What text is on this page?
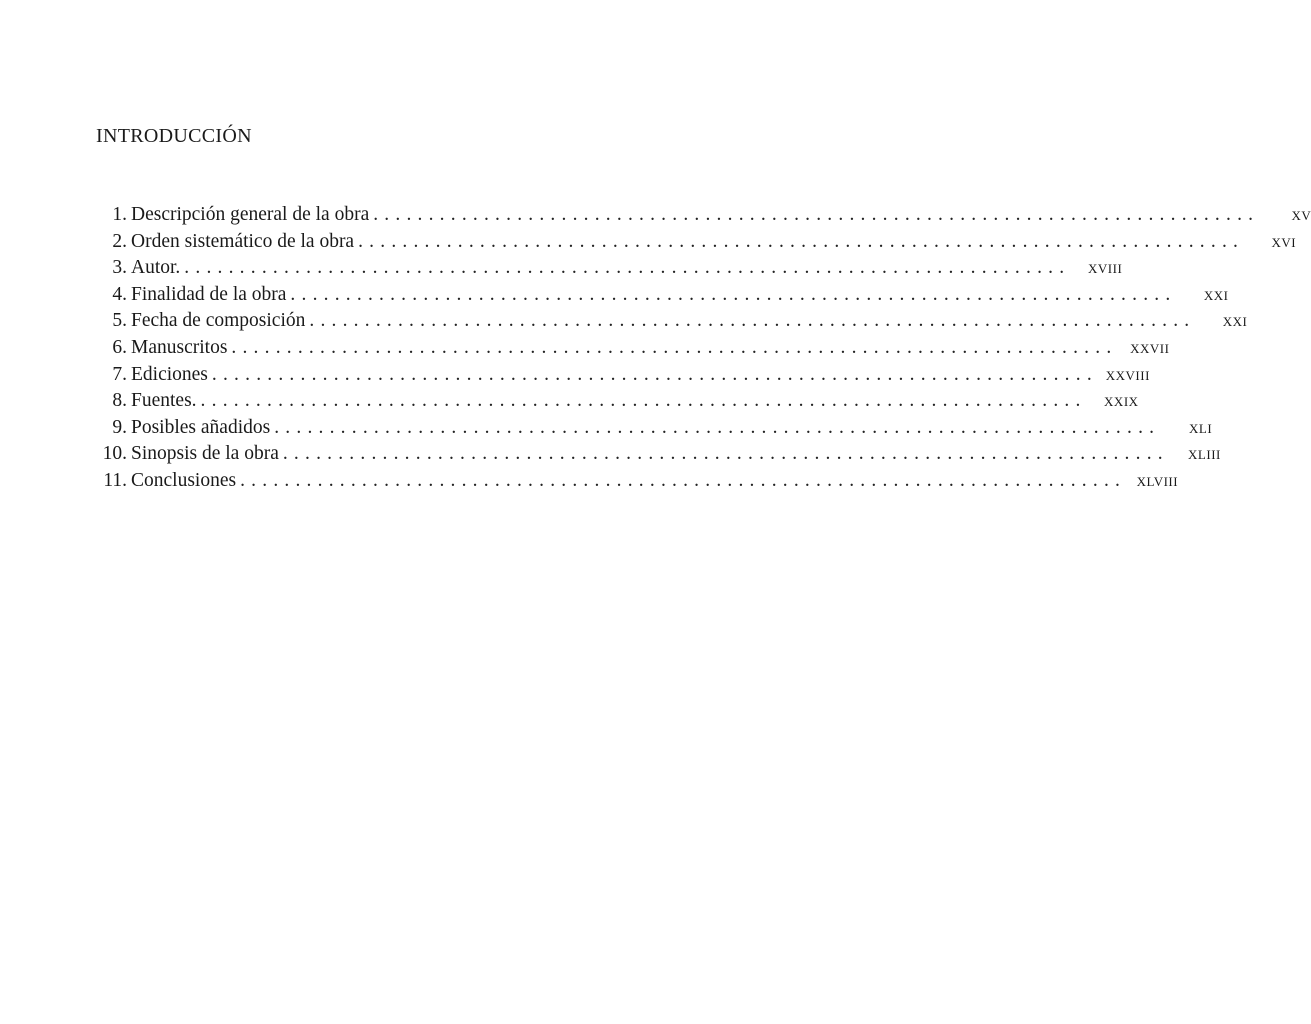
INTRODUCCIÓN
1. Descripción general de la obra ................................................................................	XV
2. Orden sistemático de la obra ................................................................................	XVI
3. Autor. ................................................................................	XVIII
4. Finalidad de la obra ................................................................................	XXI
5. Fecha de composición ................................................................................	XXI
6. Manuscritos ................................................................................ XXVII
7. Ediciones ................................................................................ XXVIII
8. Fuentes. ................................................................................	XXIX
9. Posibles añadidos ................................................................................	XLI
10. Sinopsis de la obra ................................................................................	XLIII
11. Conclusiones ................................................................................ XLVIII
